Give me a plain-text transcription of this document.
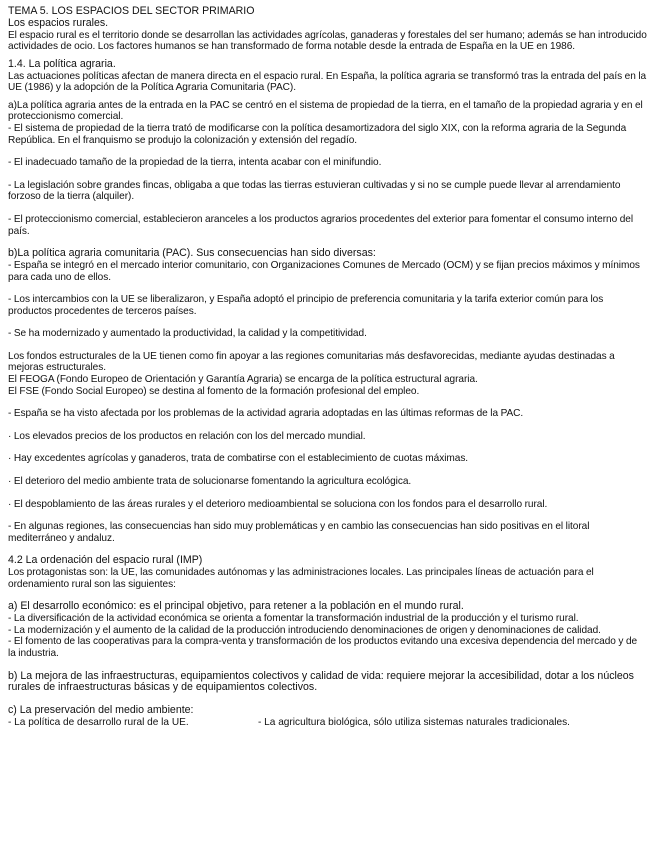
TEMA 5. LOS ESPACIOS DEL SECTOR PRIMARIO

Los espacios rurales.

El espacio rural es el territorio donde se desarrollan las actividades agrícolas, ganaderas y forestales del ser humano; además se han introducido actividades de ocio. Los factores humanos se han transformado de forma notable desde la entrada de España en la UE en 1986.

1.4. La política agraria.

Las actuaciones políticas afectan de manera directa en el espacio rural. En España, la política agraria se transformó tras la entrada del país en la UE (1986) y la adopción de la Política Agraria Comunitaria (PAC).

a)La política agraria antes de la entrada en la PAC se centró en el sistema de propiedad de la tierra, en el tamaño de la propiedad agraria y en el proteccionismo comercial.

- El sistema de propiedad de la tierra trató de modificarse con la política desamortizadora del siglo XIX, con la reforma agraria de la Segunda República. En el franquismo se produjo la colonización y extensión del regadío.

- El inadecuado tamaño de la propiedad de la tierra, intenta acabar con el minifundio.

- La legislación sobre grandes fincas, obligaba a que todas las tierras estuvieran cultivadas y si no se cumple puede llevar al arrendamiento forzoso de la tierra (alquiler).

- El proteccionismo comercial, establecieron aranceles a los productos agrarios procedentes del exterior para fomentar el consumo interno del país.

b)La política agraria comunitaria (PAC). Sus consecuencias han sido diversas:

- España se integró en el mercado interior comunitario, con Organizaciones Comunes de Mercado (OCM) y se fijan precios máximos y mínimos para cada uno de ellos.

- Los intercambios con la UE se liberalizaron, y España adoptó el principio de preferencia comunitaria y la tarifa exterior común para los productos procedentes de terceros países.

- Se ha modernizado y aumentado la productividad, la calidad y la competitividad.

Los fondos estructurales de la UE tienen como fin apoyar a las regiones comunitarias más desfavorecidas, mediante ayudas destinadas a mejoras estructurales.

El FEOGA (Fondo Europeo de Orientación y Garantía Agraria) se encarga de la política estructural agraria.

El FSE (Fondo Social Europeo) se destina al fomento de la formación profesional del empleo.

- España se ha visto afectada por los problemas de la actividad agraria adoptadas en las últimas reformas de la PAC.

· Los elevados precios de los productos en relación con los del mercado mundial.

· Hay excedentes agrícolas y ganaderos, trata de combatirse con el establecimiento de cuotas máximas.

· El deterioro del medio ambiente trata de solucionarse fomentando la agricultura ecológica.

· El despoblamiento de las áreas rurales y el deterioro medioambiental se soluciona con los fondos para el desarrollo rural.

- En algunas regiones, las consecuencias han sido muy problemáticas y en cambio las consecuencias han sido positivas en el litoral mediterráneo y andaluz.

4.2 La ordenación del espacio rural (IMP)

Los protagonistas son: la UE, las comunidades autónomas y las administraciones locales. Las principales líneas de actuación para el ordenamiento rural son las siguientes:

a) El desarrollo económico: es el principal objetivo, para retener a la población en el mundo rural.

- La diversificación de la actividad económica se orienta a fomentar la transformación industrial de la producción y el turismo rural.

- La modernización y el aumento de la calidad de la producción introduciendo denominaciones de origen y denominaciones de calidad.

- El fomento de las cooperativas para la compra-venta y transformación de los productos evitando una excesiva dependencia del mercado y de la industria.

b) La mejora de las infraestructuras, equipamientos colectivos y calidad de vida: requiere mejorar la accesibilidad, dotar a los núcleos rurales de infraestructuras básicas y de equipamientos colectivos.

c) La preservación del medio ambiente:

- La política de desarrollo rural de la UE.	- La agricultura biológica, sólo utiliza sistemas naturales tradicionales.
